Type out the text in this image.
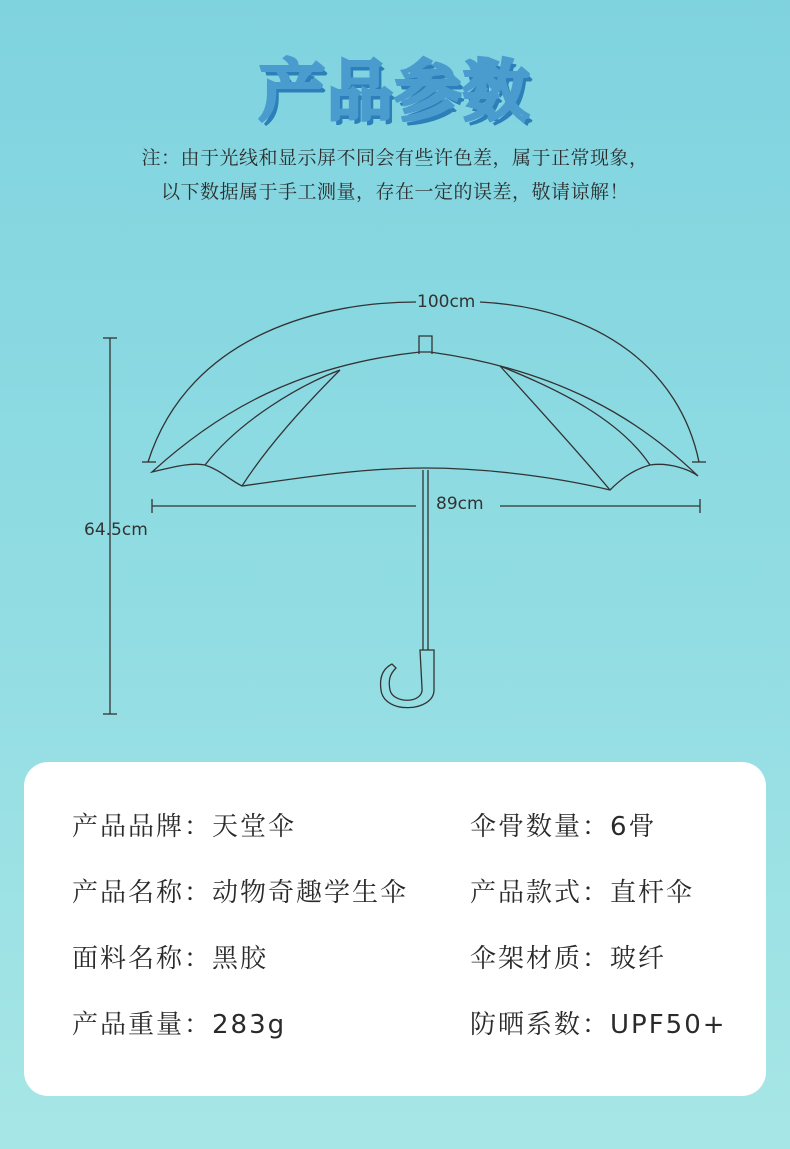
产品参数
注：由于光线和显示屏不同会有些许色差，属于正常现象，
以下数据属于手工测量，存在一定的误差，敬请谅解！
100cm
89cm
64.5cm
产品品牌：天堂伞
产品名称：动物奇趣学生伞
面料名称：黑胶
产品重量：283g
伞骨数量：6骨
产品款式：直杆伞
伞架材质：玻纤
防晒系数：UPF50+
